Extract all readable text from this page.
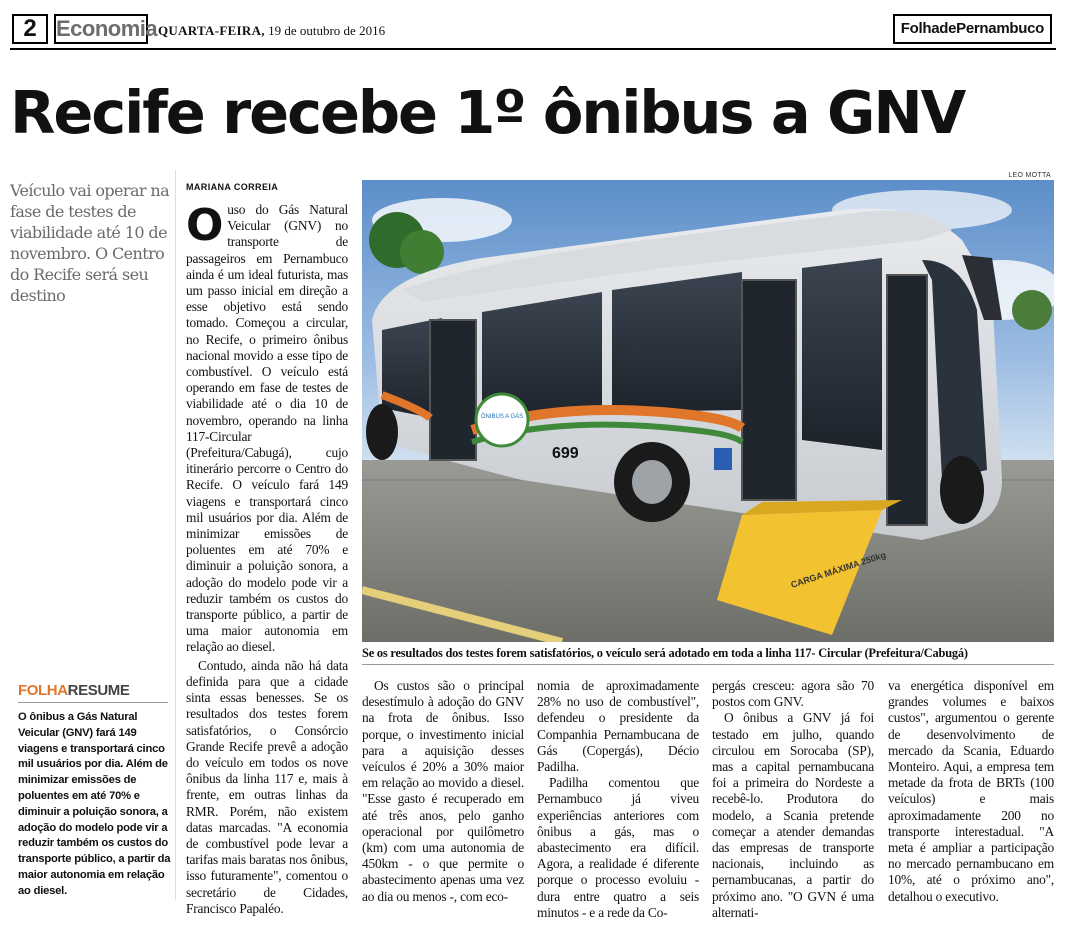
2 Economia QUARTA-FEIRA, 19 de outubro de 2016	FolhadePernambuco
Recife recebe 1º ônibus a GNV
Veículo vai operar na fase de testes de viabilidade até 10 de novembro. O Centro do Recife será seu destino
MARIANA CORREIA

Ouso do Gás Natural Veicular (GNV) no transporte de passageiros em Pernambuco ainda é um ideal futurista, mas um passo inicial em direção a esse objetivo está sendo tomado. Começou a circular, no Recife, o primeiro ônibus nacional movido a esse tipo de combustível. O veículo está operando em fase de testes de viabilidade até o dia 10 de novembro, operando na linha 117-Circular (Prefeitura/Cabugá), cujo itinerário percorre o Centro do Recife. O veículo fará 149 viagens e transportará cinco mil usuários por dia. Além de minimizar emissões de poluentes em até 70% e diminuir a poluição sonora, a adoção do modelo pode vir a reduzir também os custos do transporte público, a partir de uma maior autonomia em relação ao diesel.

Contudo, ainda não há data definida para que a cidade sinta essas benesses. Se os resultados dos testes forem satisfatórios, o Consórcio Grande Recife prevê a adoção do veículo em todos os nove ônibus da linha 117 e, mais à frente, em outras linhas da RMR. Porém, não existem datas marcadas. "A economia de combustível pode levar a tarifas mais baratas nos ônibus, isso futuramente", comentou o secretário de Cidades, Francisco Papaléo.

LEO MOTTA
ÔNIBUS A GÁS
699
CARGA MÁXIMA 250kg
Se os resultados dos testes forem satisfatórios, o veículo será adotado em toda a linha 117- Circular (Prefeitura/Cabugá)

Os custos são o principal desestímulo à adoção do GNV na frota de ônibus. Isso porque, o investimento inicial para a aquisição desses veículos é 20% a 30% maior em relação ao movido a diesel. "Esse gasto é recuperado em até três anos, pelo ganho operacional por quilômetro (km) com uma autonomia de 450km - o que permite o abastecimento apenas uma vez ao dia ou menos -, com eco-

nomia de aproximadamente 28% no uso de combustível", defendeu o presidente da Companhia Pernambucana de Gás (Copergás), Décio Padilha.

Padilha comentou que Pernambuco já viveu experiências anteriores com ônibus a gás, mas o abastecimento era difícil. Agora, a realidade é diferente porque o processo evoluiu - dura entre quatro a seis minutos - e a rede da Co-

pergás cresceu: agora são 70 postos com GNV.

O ônibus a GNV já foi testado em julho, quando circulou em Sorocaba (SP), mas a capital pernambucana foi a primeira do Nordeste a recebê-lo. Produtora do modelo, a Scania pretende começar a atender demandas das empresas de transporte nacionais, incluindo as pernambucanas, a partir do próximo ano. "O GVN é uma alternati-

va energética disponível em grandes volumes e baixos custos", argumentou o gerente de desenvolvimento de mercado da Scania, Eduardo Monteiro. Aqui, a empresa tem metade da frota de BRTs (100 veículos) e mais aproximadamente 200 no transporte interestadual. "A meta é ampliar a participação no mercado pernambucano em 10%, até o próximo ano", detalhou o executivo.

FOLHARESUME
O ônibus a Gás Natural Veicular (GNV) fará 149 viagens e transportará cinco mil usuários por dia. Além de minimizar emissões de poluentes em até 70% e diminuir a poluição sonora, a adoção do modelo pode vir a reduzir também os custos do transporte público, a partir da maior autonomia em relação ao diesel.
